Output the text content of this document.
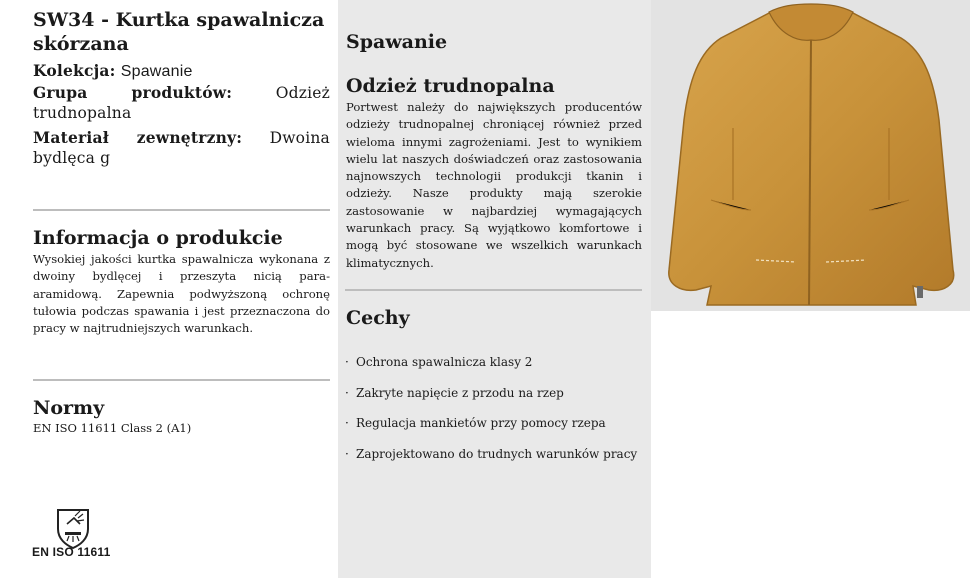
SW34 - Kurtka spawalnicza skórzana
Kolekcja: Spawanie
Grupa produktów:	Odzież trudnopalna
Materiał zewnętrzny: Dwoina bydlęca g
Informacja o produkcie

Wysokiej jakości kurtka spawalnicza wykonana z dwoiny bydlęcej i przeszyta nicią para-aramidową. Zapewnia podwyższoną ochronę tułowia podczas spawania i jest przeznaczona do pracy w najtrudniejszych warunkach.

Normy
EN ISO 11611 Class 2 (A1)
EN ISO 11611
Spawanie
Odzież trudnopalna

Portwest należy do największych producentów odzieży trudnopalnej chroniącej również przed wieloma innymi zagrożeniami. Jest to wynikiem wielu lat naszych doświadczeń oraz zastosowania najnowszych technologii produkcji tkanin i odzieży. Nasze produkty mają szerokie zastosowanie w najbardziej wymagających warunkach pracy. Są wyjątkowo komfortowe i mogą być stosowane we wszelkich warunkach klimatycznych.

Cechy
· Ochrona spawalnicza klasy 2
· Zakryte napięcie z przodu na rzep
· Regulacja mankietów przy pomocy rzepa
· Zaprojektowano do trudnych warunków pracy
